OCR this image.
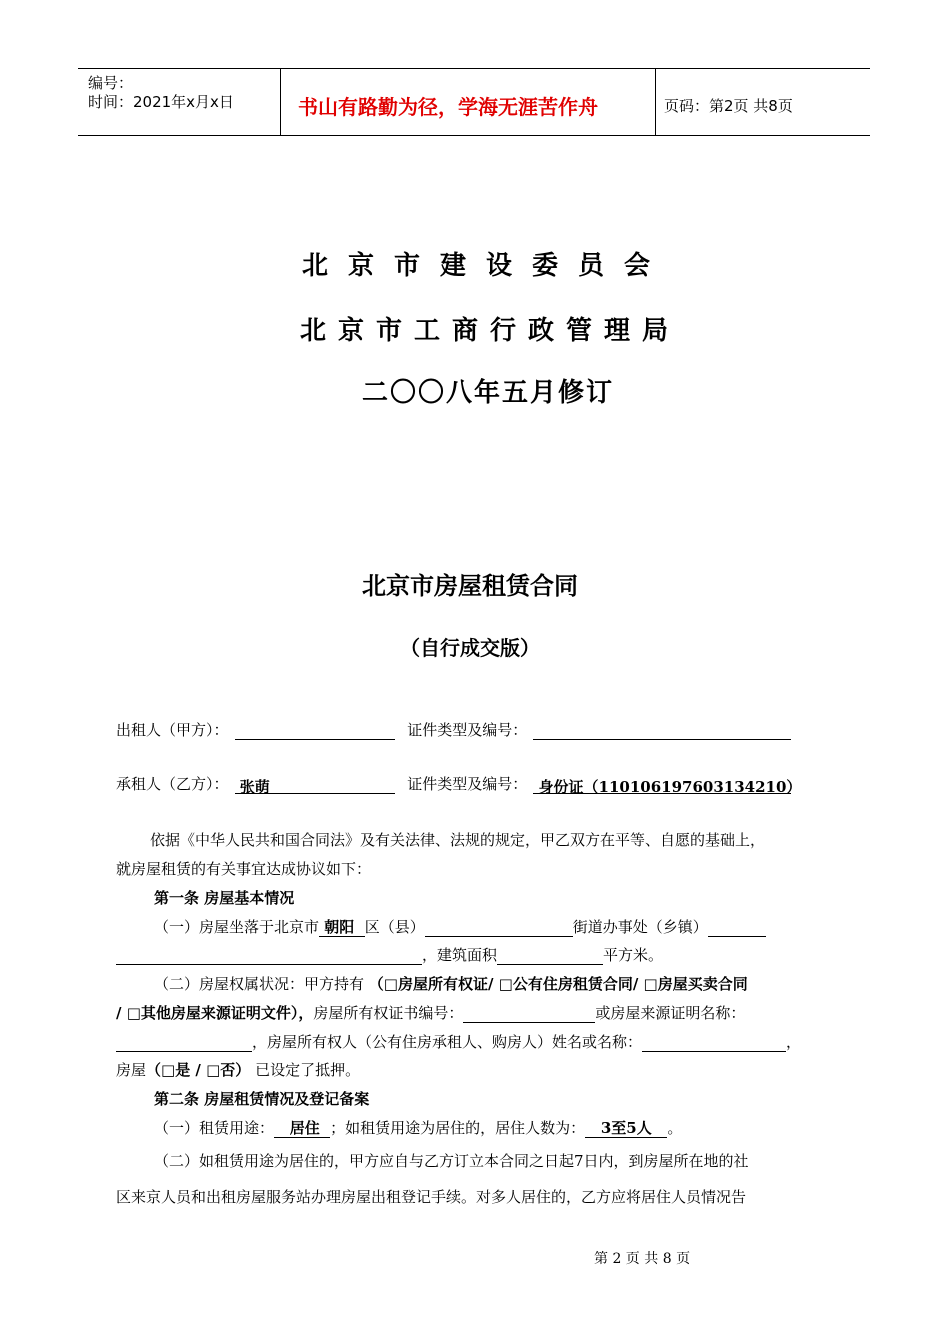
编号：
时间：2021年x月x日	书山有路勤为径，学海无涯苦作舟	页码：第2页 共8页
北京市建设委员会
北京市工商行政管理局
二〇〇八年五月修订
北京市房屋租赁合同
（自行成交版）
出租人（甲方）：	证件类型及编号：
承租人（乙方）： 张萌	证件类型及编号： 身份证（110106197603134210）
依据《中华人民共和国合同法》及有关法律、法规的规定，甲乙双方在平等、自愿的基础上，
就房屋租赁的有关事宜达成协议如下：
第一条 房屋基本情况
（一）房屋坐落于北京市 朝阳 区（县）	街道办事处（乡镇）
，建筑面积	平方米。
（二）房屋权属状况：甲方持有 （□房屋所有权证/ □公有住房租赁合同/ □房屋买卖合同
/ □其他房屋来源证明文件），房屋所有权证书编号：	或房屋来源证明名称：
，房屋所有权人（公有住房承租人、购房人）姓名或名称：	，
房屋（□是 / □否） 已设定了抵押。
第二条 房屋租赁情况及登记备案
（一）租赁用途： 居住 ；如租赁用途为居住的，居住人数为： 3至5人 。
（二）如租赁用途为居住的，甲方应自与乙方订立本合同之日起7日内，到房屋所在地的社
区来京人员和出租房屋服务站办理房屋出租登记手续。对多人居住的，乙方应将居住人员情况告
第 2 页 共 8 页
